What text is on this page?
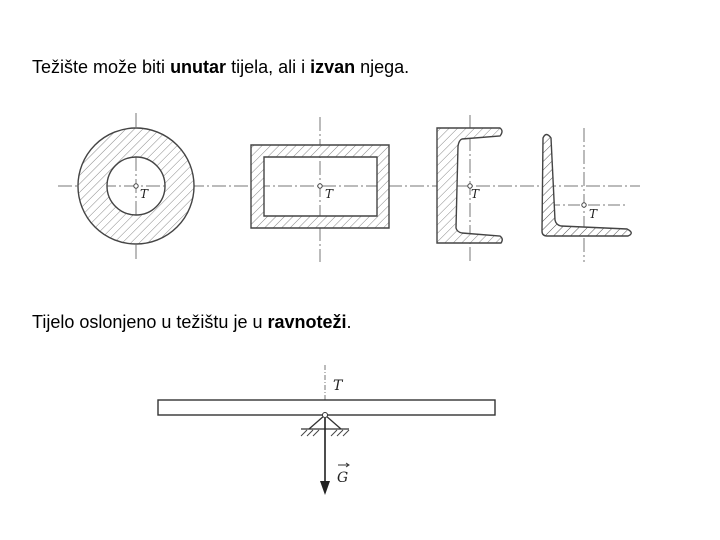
Težište može biti unutar tijela, ali i izvan njega.
Tijelo oslonjeno u težištu je u ravnoteži.
T	T	T
T
T
G
